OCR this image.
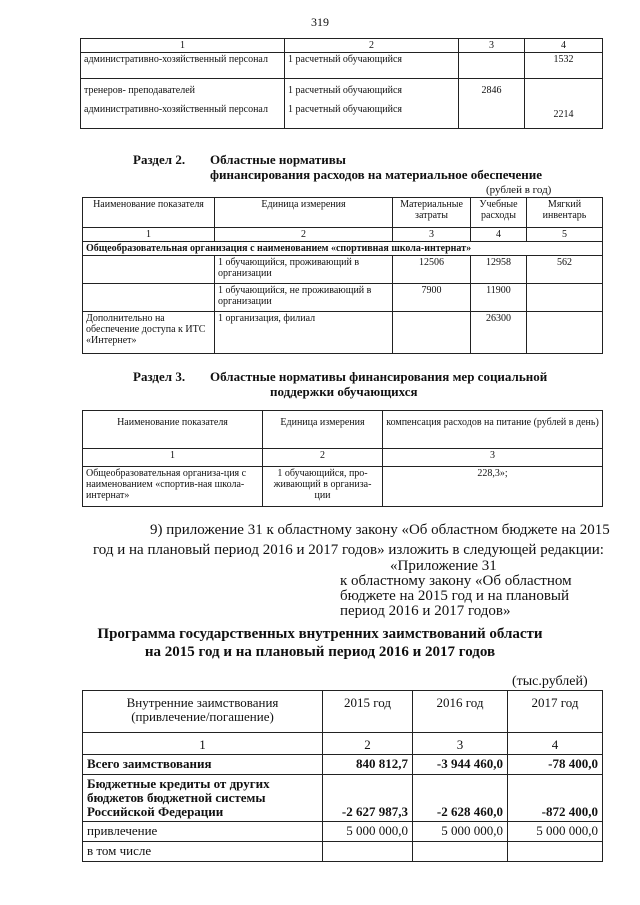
319
1	2	3	4
административно-хозяйственный персонал	1 расчетный обучающийся		1532
тренеров- преподавателей	1 расчетный обучающийся	2846	
административно-хозяйственный персонал	1 расчетный обучающийся		2214
Раздел 2. Областные нормативы
финансирования расходов на материальное обеспечение
(рублей в год)
Наименование показателя	Единица измерения	Материальные затраты	Учебные расходы	Мягкий инвентарь
1	2	3	4	5
Общеобразовательная организация с наименованием «спортивная школа-интернат»				
	1 обучающийся, проживающий в организации	12506	12958	562
	1 обучающийся, не проживающий в организации	7900	11900	
Дополнительно на обеспечение доступа к ИТС «Интернет»	1 организация, филиал		26300	
Раздел 3. Областные нормативы финансирования мер социальной
поддержки обучающихся
Наименование показателя	Единица измерения	компенсация расходов на питание (рублей в день)
1	2	3
Общеобразовательная организа-ция с наименованием «спортив-ная школа-интернат»	1 обучающийся, про-живающий в организа-ции	228,3»;
9) приложение 31 к областному закону «Об областном бюджете на 2015
год и на плановый период 2016 и 2017 годов» изложить в следующей редакции:
«Приложение 31
к областному закону «Об областном
бюджете на 2015 год и на плановый
период 2016 и 2017 годов»
Программа государственных внутренних заимствований области
на 2015 год и на плановый период 2016 и 2017 годов
(тыс.рублей)
Внутренние заимствования (привлечение/погашение)	2015 год	2016 год	2017 год
1	2	3	4
Всего заимствования	840 812,7	-3 944 460,0	-78 400,0
Бюджетные кредиты от других бюджетов бюджетной системы Российской Федерации	-2 627 987,3	-2 628 460,0	-872 400,0
привлечение	5 000 000,0	5 000 000,0	5 000 000,0
в том числе			
